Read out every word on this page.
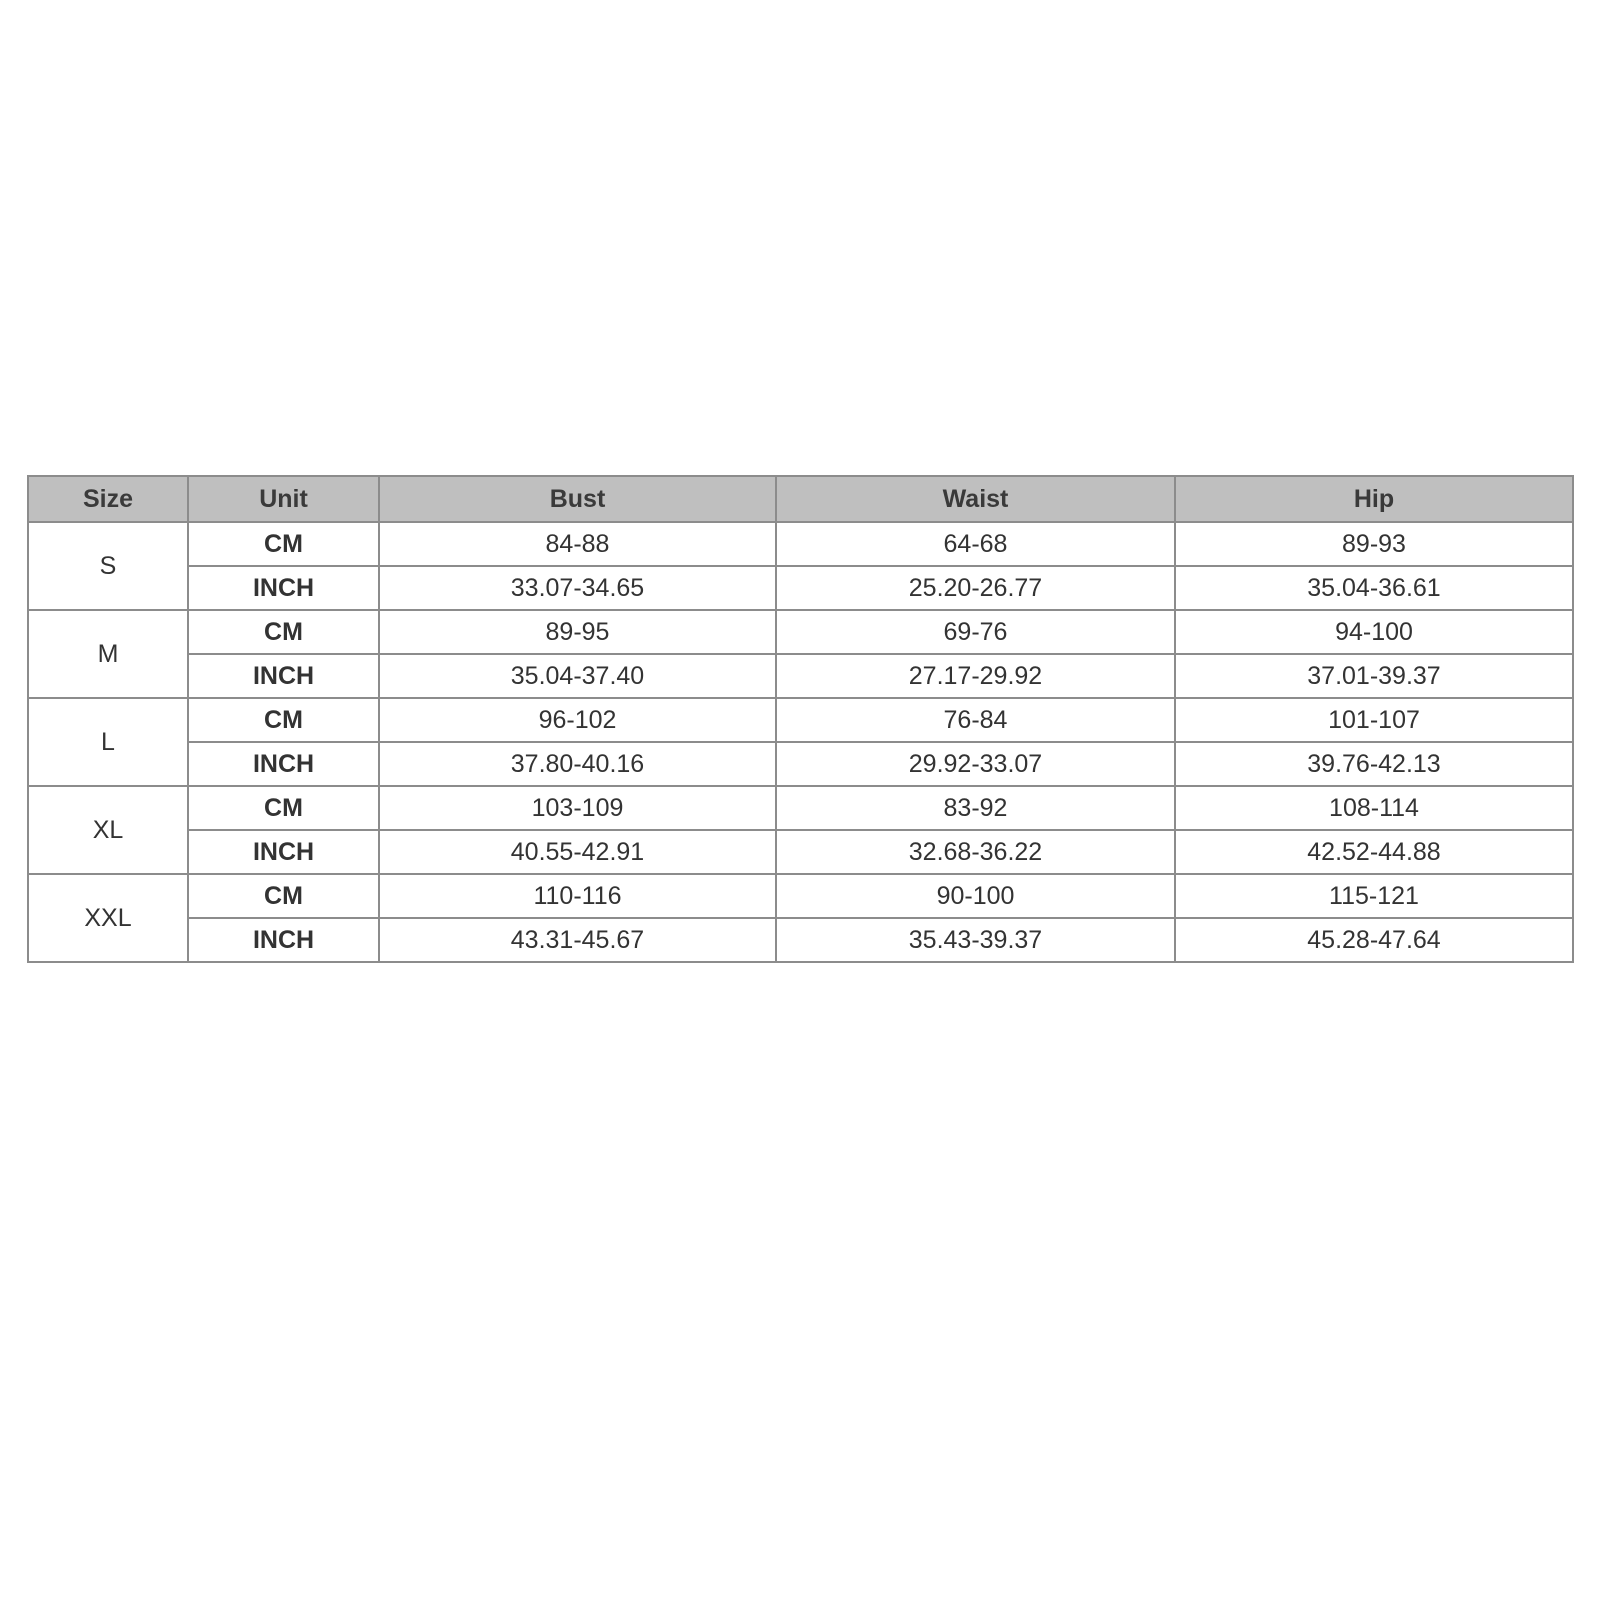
Size	Unit	Bust	Waist	Hip
S	CM	84-88	64-68	89-93
	INCH	33.07-34.65	25.20-26.77	35.04-36.61
M	CM	89-95	69-76	94-100
	INCH	35.04-37.40	27.17-29.92	37.01-39.37
L	CM	96-102	76-84	101-107
	INCH	37.80-40.16	29.92-33.07	39.76-42.13
XL	CM	103-109	83-92	108-114
	INCH	40.55-42.91	32.68-36.22	42.52-44.88
XXL	CM	110-116	90-100	115-121
	INCH	43.31-45.67	35.43-39.37	45.28-47.64
